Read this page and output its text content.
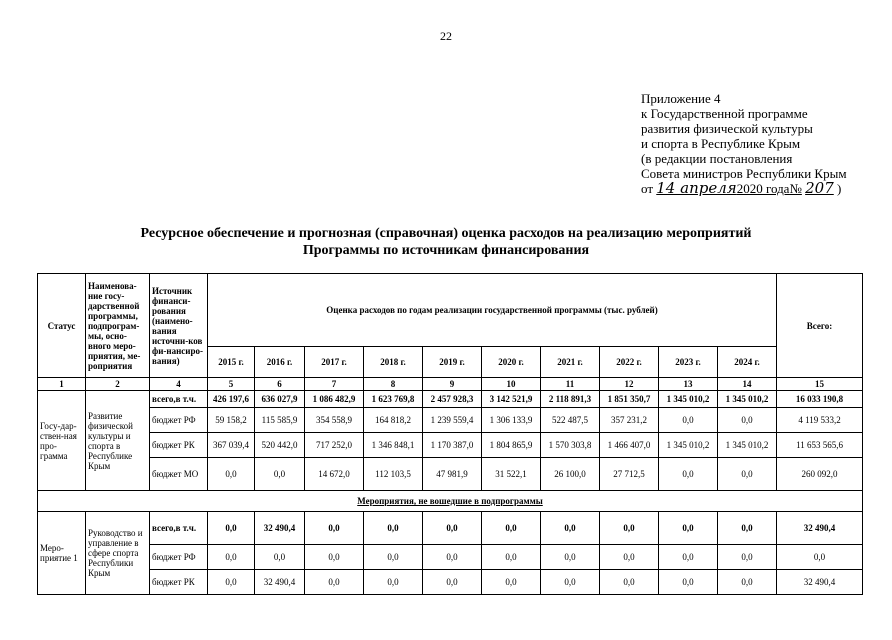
22
Приложение 4
к Государственной программе
развития физической культуры
и спорта в Республике Крым
(в редакции постановления
Совета министров Республики Крым
от 14 апреля2020 года№ 207 )
Ресурсное обеспечение и прогнозная (справочная) оценка расходов на реализацию мероприятий
Программы по источникам финансирования
Статус	Наименова-ние госу-дарственной программы, подпрограм-мы, осно-вного меро-приятия, ме-роприятия	Источник финанси-рования (наимено-вания источни-ков фи-нансиро-вания)	Оценка расходов по годам реализации государственной программы (тыс. рублей)										Всего:
			2015 г.	2016 г.	2017 г.	2018 г.	2019 г.	2020 г.	2021 г.	2022 г.	2023 г.	2024 г.	
1	2	4	5	6	7	8	9	10	11	12	13	14	15
Госу-дар-ствен-ная про-грамма	Развитие физической культуры и спорта в Республике Крым	всего,в т.ч.	426 197,6	636 027,9	1 086 482,9	1 623 769,8	2 457 928,3	3 142 521,9	2 118 891,3	1 851 350,7	1 345 010,2	1 345 010,2	16 033 190,8
		бюджет РФ	59 158,2	115 585,9	354 558,9	164 818,2	1 239 559,4	1 306 133,9	522 487,5	357 231,2	0,0	0,0	4 119 533,2
		бюджет РК	367 039,4	520 442,0	717 252,0	1 346 848,1	1 170 387,0	1 804 865,9	1 570 303,8	1 466 407,0	1 345 010,2	1 345 010,2	11 653 565,6
		бюджет МО	0,0	0,0	14 672,0	112 103,5	47 981,9	31 522,1	26 100,0	27 712,5	0,0	0,0	260 092,0
Мероприятия, не вошедшие в подпрограммы													
Меро-приятие 1	Руководство и управление в сфере спорта Республики Крым	всего,в т.ч.	0,0	32 490,4	0,0	0,0	0,0	0,0	0,0	0,0	0,0	0,0	32 490,4
		бюджет РФ	0,0	0,0	0,0	0,0	0,0	0,0	0,0	0,0	0,0	0,0	0,0
		бюджет РК	0,0	32 490,4	0,0	0,0	0,0	0,0	0,0	0,0	0,0	0,0	32 490,4
